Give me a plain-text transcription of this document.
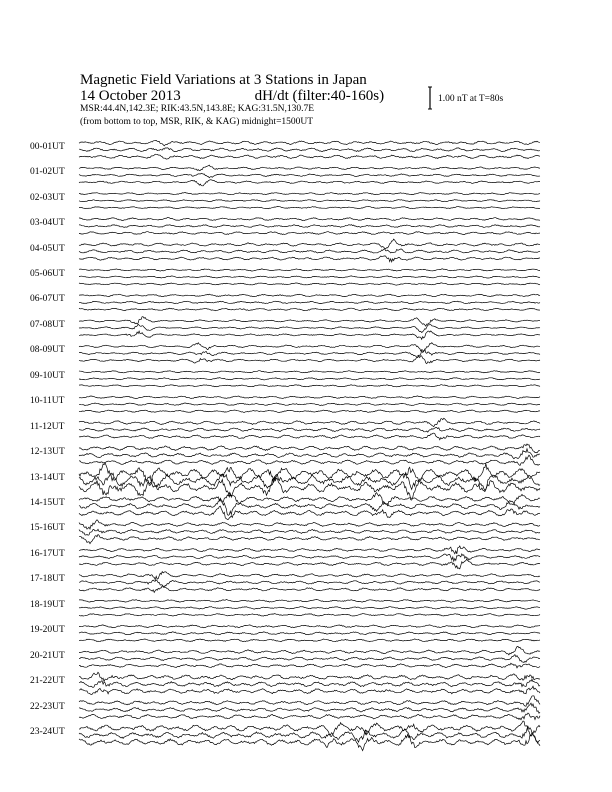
Magnetic Field Variations at 3 Stations in Japan
14 October 2013	dH/dt (filter:40-160s)
MSR:44.4N,142.3E; RIK:43.5N,143.8E; KAG:31.5N,130.7E
(from bottom to top, MSR, RIK, & KAG) midnight=1500UT
1.00 nT at T=80s
00-01UT
01-02UT
02-03UT
03-04UT
04-05UT
05-06UT
06-07UT
07-08UT
08-09UT
09-10UT
10-11UT
11-12UT
12-13UT
13-14UT
14-15UT
15-16UT
16-17UT
17-18UT
18-19UT
19-20UT
20-21UT
21-22UT
22-23UT
23-24UT
